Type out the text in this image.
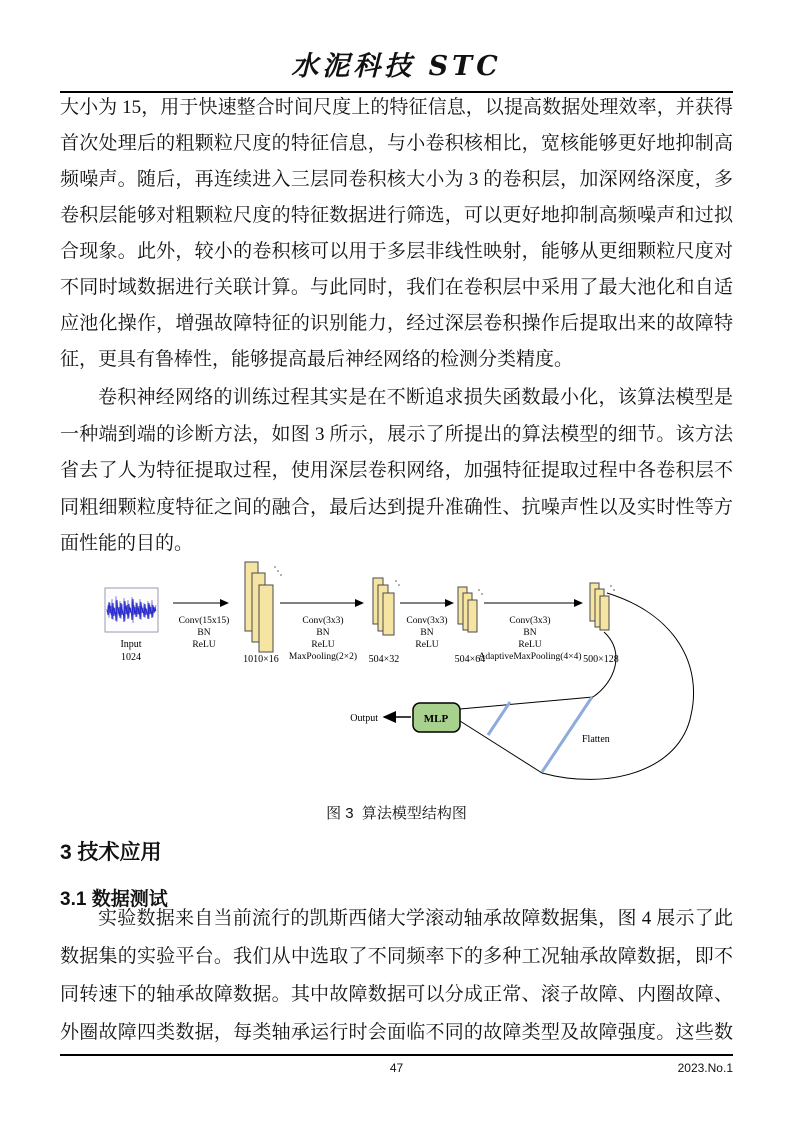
水泥科技 STC
大小为 15，用于快速整合时间尺度上的特征信息，以提高数据处理效率，并获得
首次处理后的粗颗粒尺度的特征信息，与小卷积核相比，宽核能够更好地抑制高
频噪声。随后，再连续进入三层同卷积核大小为 3 的卷积层，加深网络深度，多
卷积层能够对粗颗粒尺度的特征数据进行筛选，可以更好地抑制高频噪声和过拟
合现象。此外，较小的卷积核可以用于多层非线性映射，能够从更细颗粒尺度对
不同时域数据进行关联计算。与此同时，我们在卷积层中采用了最大池化和自适
应池化操作，增强故障特征的识别能力，经过深层卷积操作后提取出来的故障特
征，更具有鲁棒性，能够提高最后神经网络的检测分类精度。
卷积神经网络的训练过程其实是在不断追求损失函数最小化，该算法模型是
一种端到端的诊断方法，如图 3 所示，展示了所提出的算法模型的细节。该方法
省去了人为特征提取过程，使用深层卷积网络，加强特征提取过程中各卷积层不
同粗细颗粒度特征之间的融合，最后达到提升准确性、抗噪声性以及实时性等方
面性能的目的。
Input
1024
Conv(15x15)
BN
ReLU
1010×16
Conv(3x3)
BN
ReLU
MaxPooling(2×2) 504×32
Conv(3x3)
BN
ReLU
504×64
Conv(3x3)
BN
ReLU
AdaptiveMaxPooling(4×4) 500×128
Flatten
MLP
Output
图 3  算法模型结构图
3 技术应用
3.1 数据测试
实验数据来自当前流行的凯斯西储大学滚动轴承故障数据集，图 4 展示了此
数据集的实验平台。我们从中选取了不同频率下的多种工况轴承故障数据，即不
同转速下的轴承故障数据。其中故障数据可以分成正常、滚子故障、内圈故障、
外圈故障四类数据，每类轴承运行时会面临不同的故障类型及故障强度。这些数
47	2023.No.1
